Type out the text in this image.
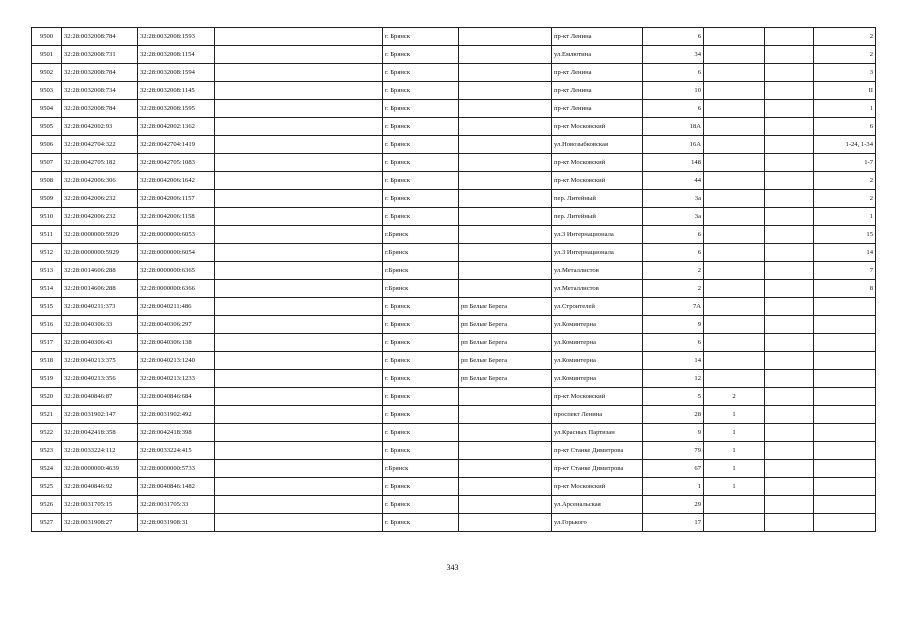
9500	32:28:0032008:784	32:28:0032008:1593		г. Брянск		пр-кт Ленина	6			2
9501	32:28:0032008:731	32:28:0032008:1154		г. Брянск		ул.Емлютина	34			2
9502	32:28:0032008:784	32:28:0032008:1594		г. Брянск		пр-кт Ленина	6			3
9503	32:28:0032008:734	32:28:0032008:1145		г. Брянск		пр-кт Ленина	10			II
9504	32:28:0032008:784	32:28:0032008:1595		г. Брянск		пр-кт Ленина	6			1
9505	32:28:0042002:93	32:28:0042002:1362		г. Брянск		пр-кт Московский	18А			6
9506	32:28:0042704:322	32:28:0042704:1419		г. Брянск		ул.Новозыбковская	16А			1-24, 1-34
9507	32:28:0042705:182	32:28:0042705:1083		г. Брянск		пр-кт Московский	148			1-7
9508	32:28:0042006:306	32:28:0042006:1642		г. Брянск		пр-кт Московский	44			2
9509	32:28:0042006:232	32:28:0042006:1157		г. Брянск		пер. Литейный	3а			2
9510	32:28:0042006:232	32:28:0042006:1158		г. Брянск		пер. Литейный	3а			1
9511	32:28:0000000:5929	32:28:0000000:6053		г.Брянск		ул.3 Интернационала	6			15
9512	32:28:0000000:5929	32:28:0000000:6054		г.Брянск		ул.3 Интернационала	6			14
9513	32:28:0014606:288	32:28:0000000:6365		г.Брянск		ул.Металлистов	2			7
9514	32:28:0014606:288	32:28:0000000:6366		г.Брянск		ул.Металлистов	2			8
9515	32:28:0040211:373	32:28:0040211:486		г. Брянск	рп Белые Берега	ул.Строителей	7А			
9516	32:28:0040306:33	32:28:0040306:297		г. Брянск	рп Белые Берега	ул.Коминтерна	9			
9517	32:28:0040306:43	32:28:0040306:138		г. Брянск	рп Белые Берега	ул.Коминтерна	6			
9518	32:28:0040213:375	32:28:0040213:1240		г. Брянск	рп Белые Берега	ул.Коминтерна	14			
9519	32:28:0040213:356	32:28:0040213:1233		г. Брянск	рп Белые Берега	ул.Коминтерна	12			
9520	32:28:0040846:87	32:28:0040846:684		г. Брянск		пр-кт Московский	5	2		
9521	32:28:0031902:147	32:28:0031902:492		г. Брянск		проспект Ленина	28	1		
9522	32:28:0042418:358	32:28:0042418:398		г. Брянск		ул.Красных Партизан	9	1		
9523	32:28:0033224:112	32:28:0033224:415		г. Брянск		пр-кт Станке Димитрова	79	1		
9524	32:28:0000000:4639	32:28:0000000:5733		г.Брянск		пр-кт Станке Димитрова	67	1		
9525	32:28:0040846:92	32:28:0040846:1482		г. Брянск		пр-кт Московский	1	1		
9526	32:28:0031705:15	32:28:0031705:33		г. Брянск		ул.Арсенальская	29			
9527	32:28:0031908:27	32:28:0031908:31		г. Брянск		ул.Горького	17			
343
